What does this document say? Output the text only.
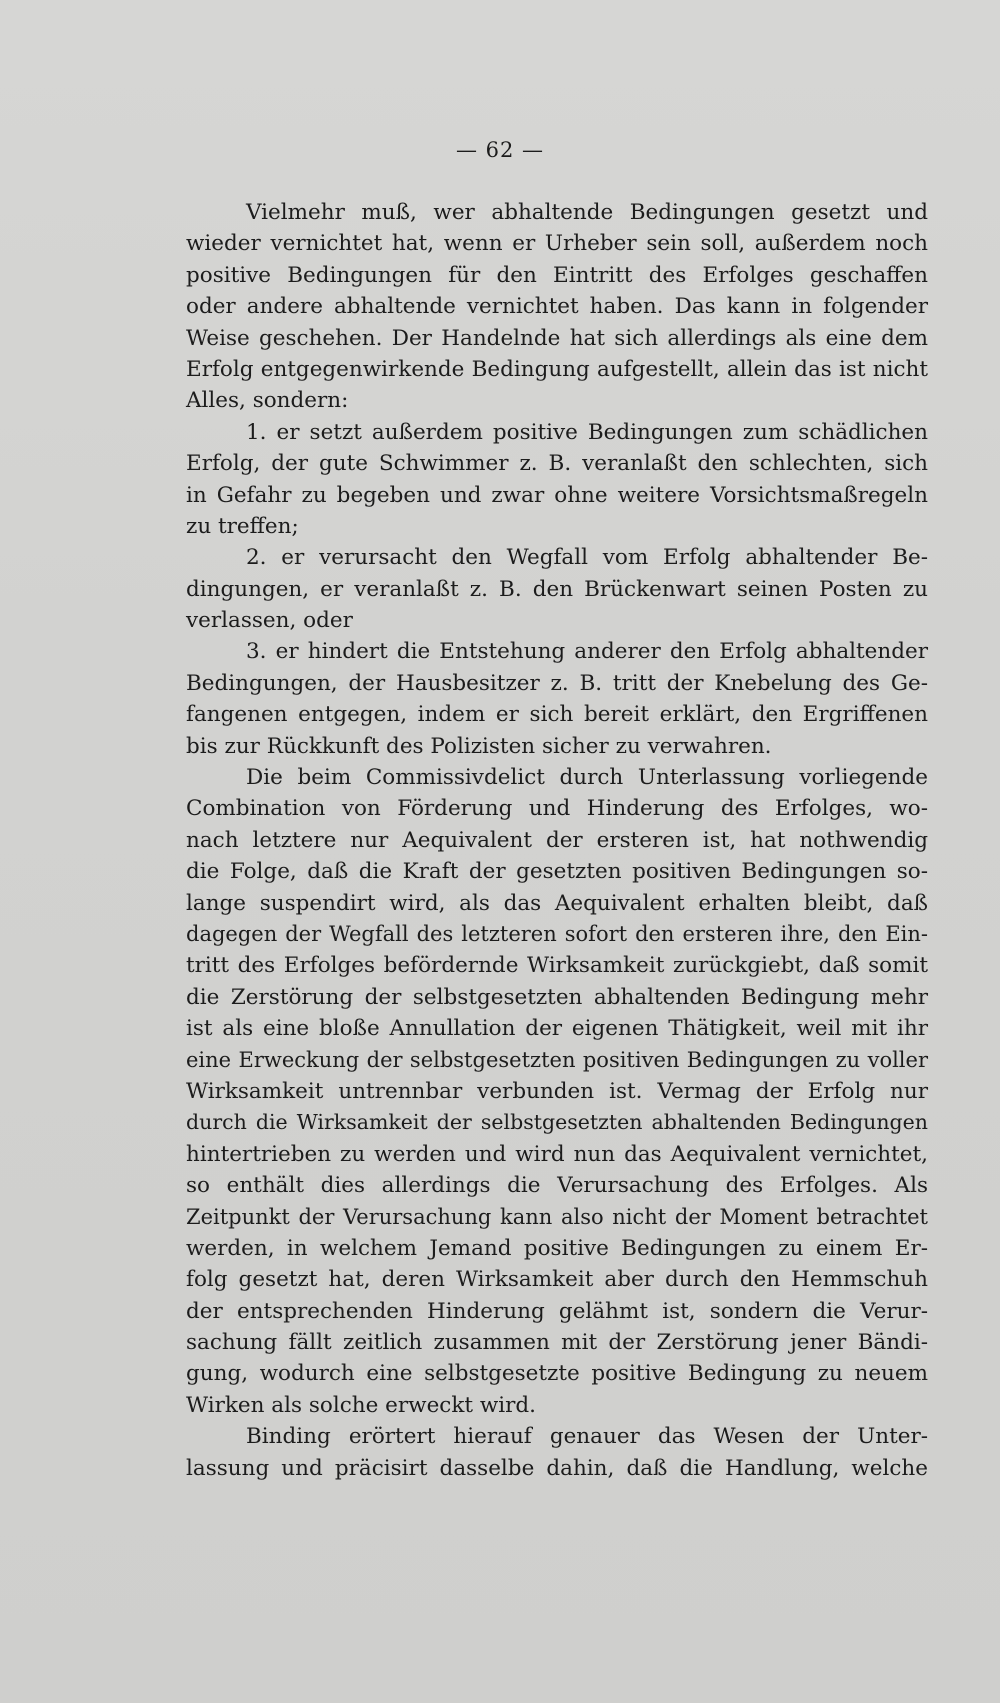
— 62 —
Vielmehr muß, wer abhaltende Bedingungen gesetzt und
wieder vernichtet hat, wenn er Urheber sein soll, außerdem noch
positive Bedingungen für den Eintritt des Erfolges geschaffen
oder andere abhaltende vernichtet haben. Das kann in folgender
Weise geschehen. Der Handelnde hat sich allerdings als eine dem
Erfolg entgegenwirkende Bedingung aufgestellt, allein das ist nicht
Alles, sondern:
1. er setzt außerdem positive Bedingungen zum schädlichen
Erfolg, der gute Schwimmer z. B. veranlaßt den schlechten, sich
in Gefahr zu begeben und zwar ohne weitere Vorsichtsmaßregeln
zu treffen;
2. er verursacht den Wegfall vom Erfolg abhaltender Be-
dingungen, er veranlaßt z. B. den Brückenwart seinen Posten zu
verlassen, oder
3. er hindert die Entstehung anderer den Erfolg abhaltender
Bedingungen, der Hausbesitzer z. B. tritt der Knebelung des Ge-
fangenen entgegen, indem er sich bereit erklärt, den Ergriffenen
bis zur Rückkunft des Polizisten sicher zu verwahren.
Die beim Commissivdelict durch Unterlassung vorliegende
Combination von Förderung und Hinderung des Erfolges, wo-
nach letztere nur Aequivalent der ersteren ist, hat nothwendig
die Folge, daß die Kraft der gesetzten positiven Bedingungen so-
lange suspendirt wird, als das Aequivalent erhalten bleibt, daß
dagegen der Wegfall des letzteren sofort den ersteren ihre, den Ein-
tritt des Erfolges befördernde Wirksamkeit zurückgiebt, daß somit
die Zerstörung der selbstgesetzten abhaltenden Bedingung mehr
ist als eine bloße Annullation der eigenen Thätigkeit, weil mit ihr
eine Erweckung der selbstgesetzten positiven Bedingungen zu voller
Wirksamkeit untrennbar verbunden ist. Vermag der Erfolg nur
durch die Wirksamkeit der selbstgesetzten abhaltenden Bedingungen
hintertrieben zu werden und wird nun das Aequivalent vernichtet,
so enthält dies allerdings die Verursachung des Erfolges. Als
Zeitpunkt der Verursachung kann also nicht der Moment betrachtet
werden, in welchem Jemand positive Bedingungen zu einem Er-
folg gesetzt hat, deren Wirksamkeit aber durch den Hemmschuh
der entsprechenden Hinderung gelähmt ist, sondern die Verur-
sachung fällt zeitlich zusammen mit der Zerstörung jener Bändi-
gung, wodurch eine selbstgesetzte positive Bedingung zu neuem
Wirken als solche erweckt wird.
Binding erörtert hierauf genauer das Wesen der Unter-
lassung und präcisirt dasselbe dahin, daß die Handlung, welche
